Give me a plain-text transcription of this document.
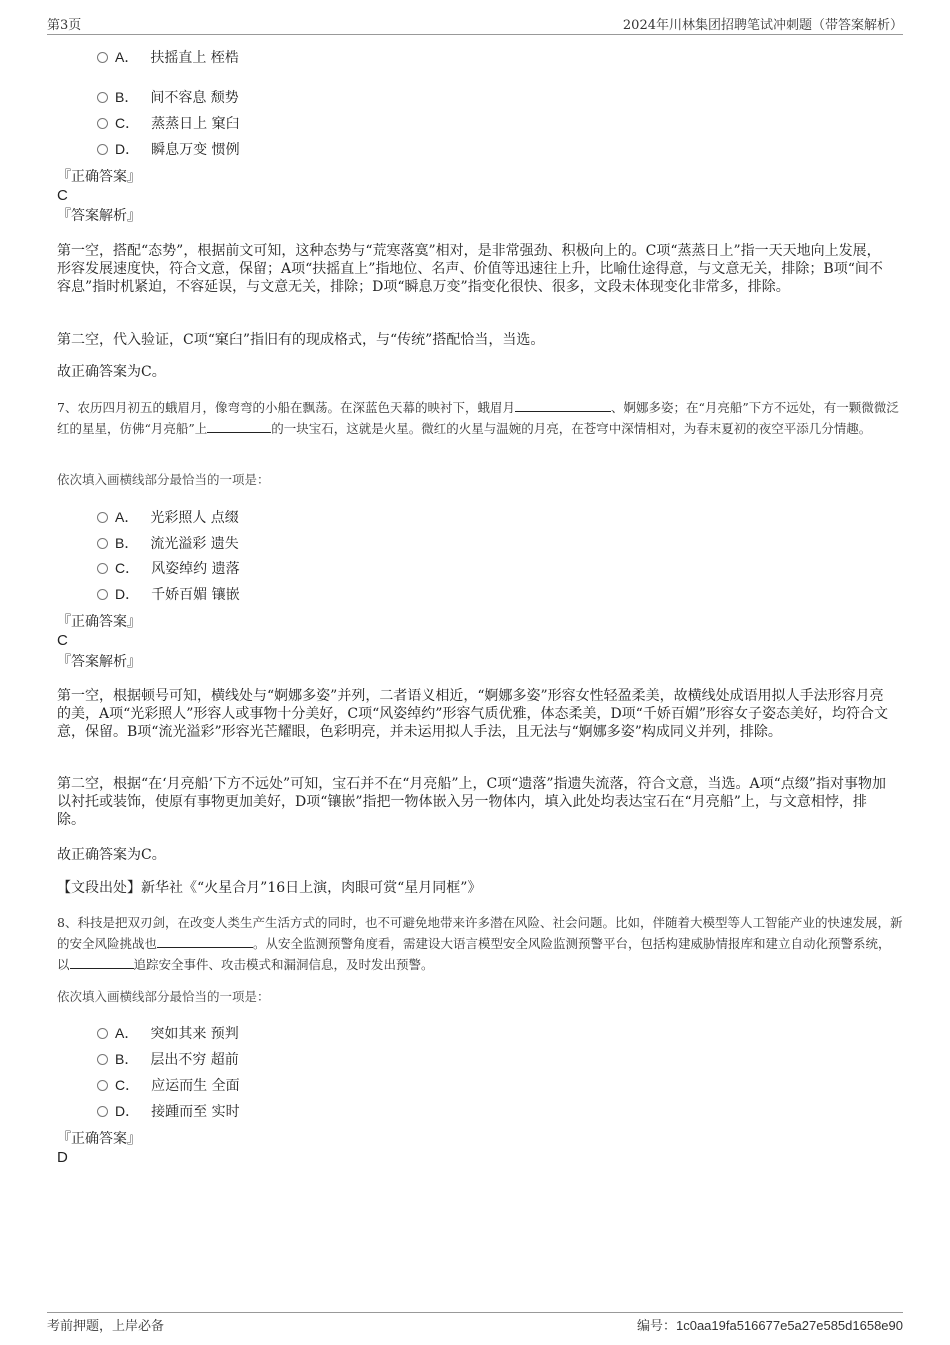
第3页	2024年川林集团招聘笔试冲刺题（带答案解析）
A． 扶摇直上 桎梏
B． 间不容息 颓势
C． 蒸蒸日上 窠臼
D． 瞬息万变 惯例
『正确答案』
C
『答案解析』
第一空，搭配“态势”，根据前文可知，这种态势与“荒寒落寞”相对，是非常强劲、积极向上的。C项“蒸蒸日上”指一天天地向上发展，形容发展速度快，符合文意，保留；A项“扶摇直上”指地位、名声、价值等迅速往上升，比喻仕途得意，与文意无关，排除；B项“间不容息”指时机紧迫，不容延误，与文意无关，排除；D项“瞬息万变”指变化很快、很多，文段未体现变化非常多，排除。
第二空，代入验证，C项“窠臼”指旧有的现成格式，与“传统”搭配恰当，当选。
故正确答案为C。
7、农历四月初五的蛾眉月，像弯弯的小船在飘荡。在深蓝色天幕的映衬下，蛾眉月	、婀娜多姿；在“月亮船”下方不远处，有一颗微微泛红的星星，仿佛“月亮船”上	的一块宝石，这就是火星。微红的火星与温婉的月亮，在苍穹中深情相对，为春末夏初的夜空平添几分情趣。
依次填入画横线部分最恰当的一项是：
A． 光彩照人 点缀
B． 流光溢彩 遗失
C． 风姿绰约 遗落
D． 千娇百媚 镶嵌
『正确答案』
C
『答案解析』
第一空，根据顿号可知，横线处与“婀娜多姿”并列，二者语义相近，“婀娜多姿”形容女性轻盈柔美，故横线处成语用拟人手法形容月亮的美，A项“光彩照人”形容人或事物十分美好，C项“风姿绰约”形容气质优雅，体态柔美，D项“千娇百媚”形容女子姿态美好，均符合文意，保留。B项“流光溢彩”形容光芒耀眼，色彩明亮，并未运用拟人手法，且无法与“婀娜多姿”构成同义并列，排除。
第二空，根据“在‘月亮船’下方不远处”可知，宝石并不在“月亮船”上，C项“遗落”指遗失流落，符合文意，当选。A项“点缀”指对事物加以衬托或装饰，使原有事物更加美好，D项“镶嵌”指把一物体嵌入另一物体内，填入此处均表达宝石在“月亮船”上，与文意相悖，排除。
故正确答案为C。
【文段出处】新华社《“火星合月”16日上演，肉眼可赏“星月同框”》
8、科技是把双刃剑，在改变人类生产生活方式的同时，也不可避免地带来许多潜在风险、社会问题。比如，伴随着大模型等人工智能产业的快速发展，新的安全风险挑战也	。从安全监测预警角度看，需建设大语言模型安全风险监测预警平台，包括构建威胁情报库和建立自动化预警系统，以	追踪安全事件、攻击模式和漏洞信息，及时发出预警。
依次填入画横线部分最恰当的一项是：
A． 突如其来 预判
B． 层出不穷 超前
C． 应运而生 全面
D． 接踵而至 实时
『正确答案』
D
考前押题，上岸必备	编号：1c0aa19fa516677e5a27e585d1658e90
